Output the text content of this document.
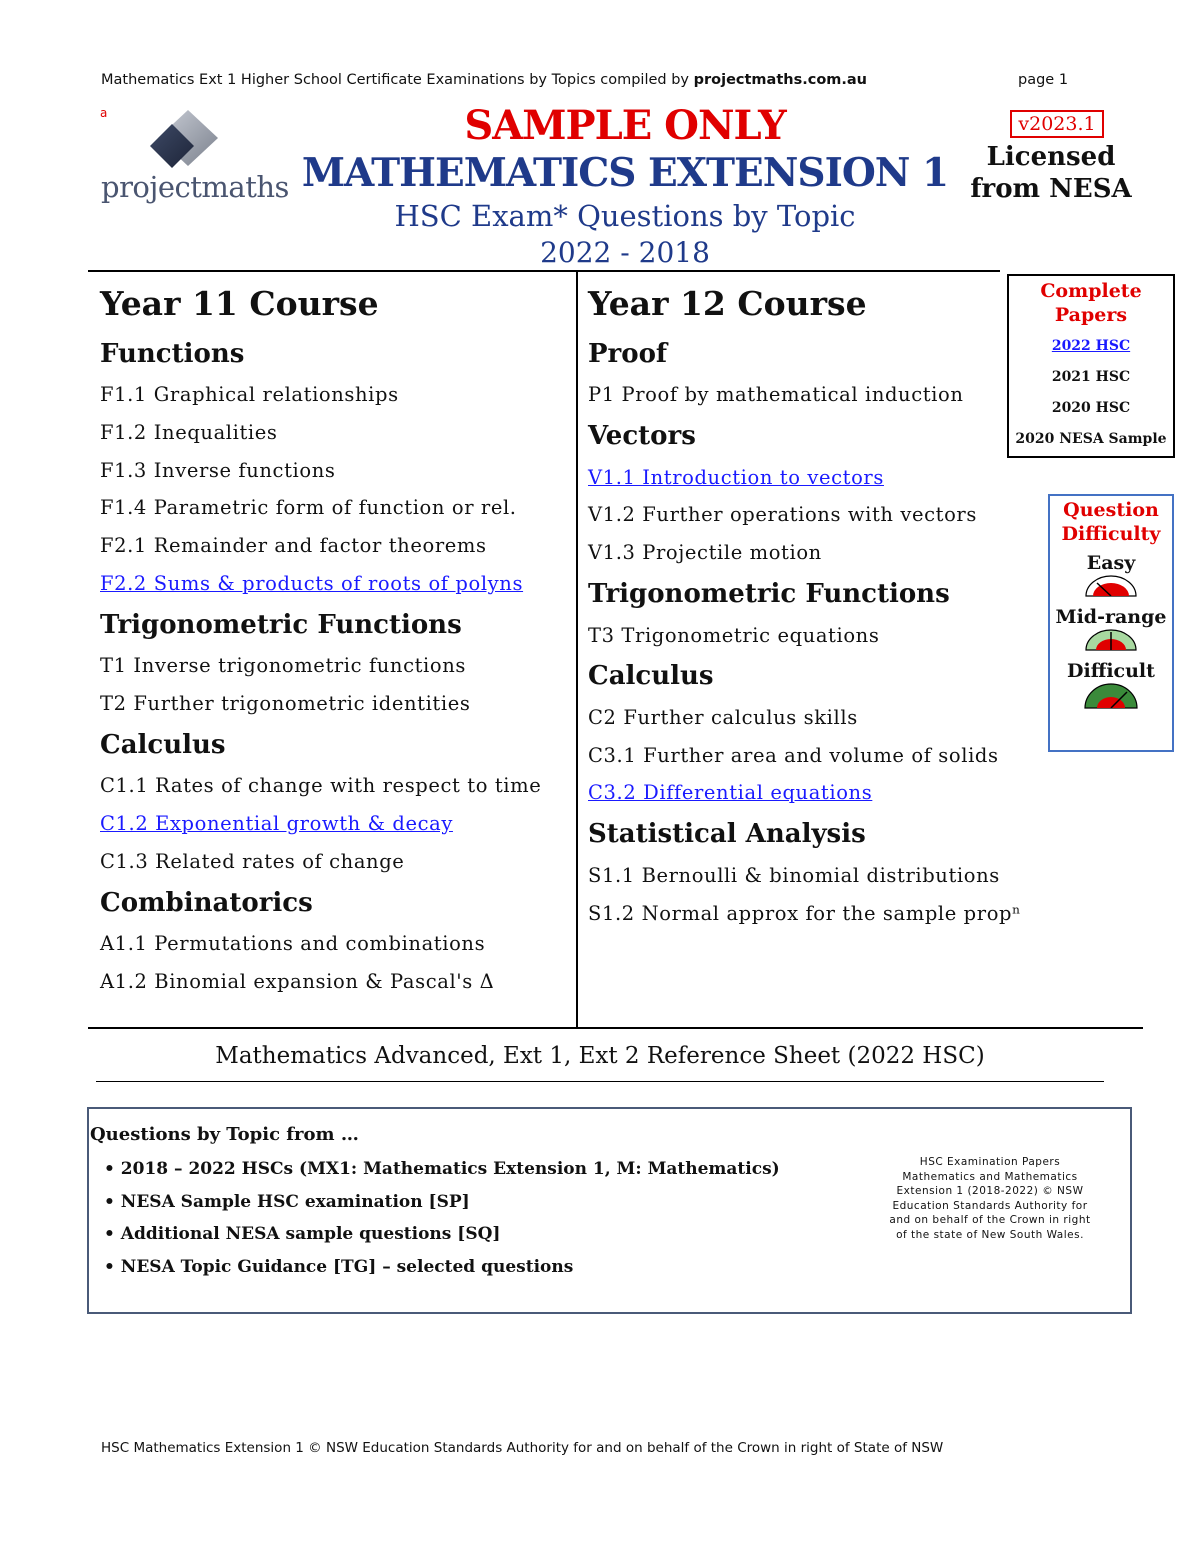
Mathematics Ext 1 Higher School Certificate Examinations by Topics compiled by projectmaths.com.au	page 1
a
projectmaths
SAMPLE ONLY
MATHEMATICS EXTENSION 1
HSC Exam* Questions by Topic
2022 - 2018
v2023.1
Licensed
from NESA
Year 11 Course
Functions
F1.1 Graphical relationships
F1.2 Inequalities
F1.3 Inverse functions
F1.4 Parametric form of function or rel.
F2.1 Remainder and factor theorems
F2.2 Sums & products of roots of polyns
Trigonometric Functions
T1 Inverse trigonometric functions
T2 Further trigonometric identities
Calculus
C1.1 Rates of change with respect to time
C1.2 Exponential growth & decay
C1.3 Related rates of change
Combinatorics
A1.1 Permutations and combinations
A1.2 Binomial expansion & Pascal's Δ
Year 12 Course
Proof
P1 Proof by mathematical induction
Vectors
V1.1 Introduction to vectors
V1.2 Further operations with vectors
V1.3 Projectile motion
Trigonometric Functions
T3 Trigonometric equations
Calculus
C2 Further calculus skills
C3.1 Further area and volume of solids
C3.2 Differential equations
Statistical Analysis
S1.1 Bernoulli & binomial distributions
S1.2 Normal approx for the sample propⁿ
Complete
Papers
2022 HSC
2021 HSC
2020 HSC
2020 NESA Sample
Question
Difficulty
Easy
Mid-range
Difficult
Mathematics Advanced, Ext 1, Ext 2 Reference Sheet (2022 HSC)
Questions by Topic from …
• 2018 – 2022 HSCs (MX1: Mathematics Extension 1, M: Mathematics)
• NESA Sample HSC examination [SP]
• Additional NESA sample questions [SQ]
• NESA Topic Guidance [TG] – selected questions
HSC Examination Papers
Mathematics and Mathematics
Extension 1 (2018-2022) © NSW
Education Standards Authority for
and on behalf of the Crown in right
of the state of New South Wales.
HSC Mathematics Extension 1 © NSW Education Standards Authority for and on behalf of the Crown in right of State of NSW
